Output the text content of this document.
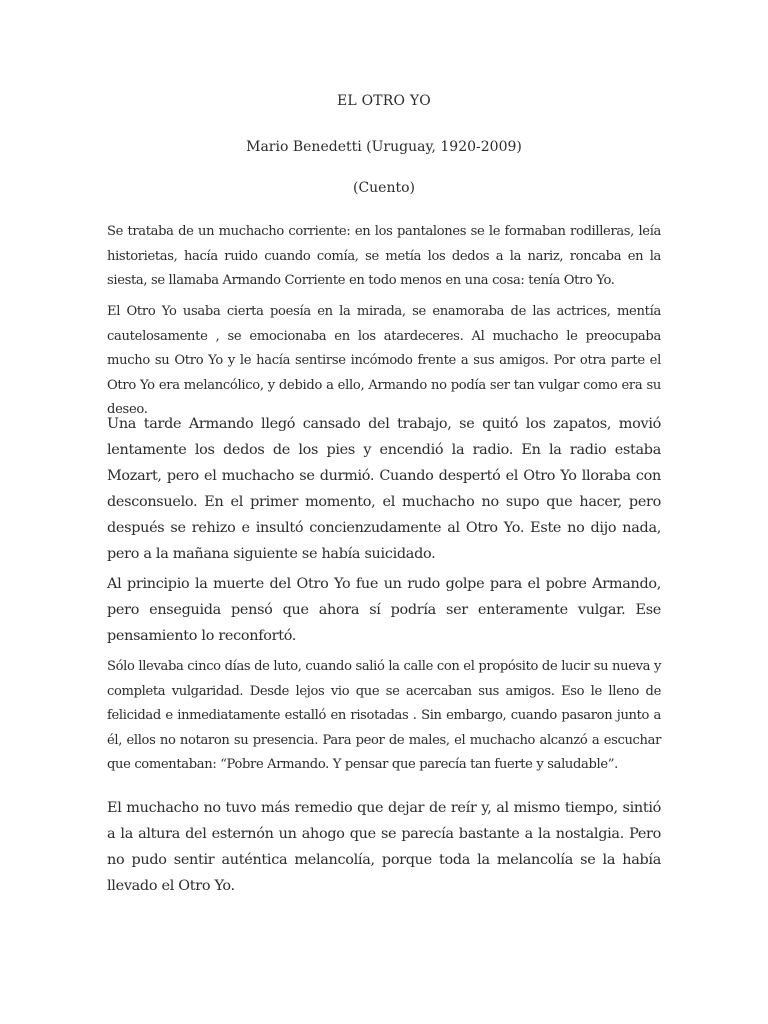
EL OTRO YO
Mario Benedetti (Uruguay, 1920-2009)
(Cuento)

Se trataba de un muchacho corriente: en los pantalones se le formaban rodilleras, leía historietas, hacía ruido cuando comía, se metía los dedos a la nariz, roncaba en la siesta, se llamaba Armando Corriente en todo menos en una cosa: tenía Otro Yo.

El Otro Yo usaba cierta poesía en la mirada, se enamoraba de las actrices, mentía cautelosamente , se emocionaba en los atardeceres. Al muchacho le preocupaba mucho su Otro Yo y le hacía sentirse incómodo frente a sus amigos. Por otra parte el Otro Yo era melancólico, y debido a ello, Armando no podía ser tan vulgar como era su deseo.

Una tarde Armando llegó cansado del trabajo, se quitó los zapatos, movió lentamente los dedos de los pies y encendió la radio. En la radio estaba Mozart, pero el muchacho se durmió. Cuando despertó el Otro Yo lloraba con desconsuelo. En el primer momento, el muchacho no supo que hacer, pero después se rehizo e insultó concienzudamente al Otro Yo. Este no dijo nada, pero a la mañana siguiente se había suicidado.

Al principio la muerte del Otro Yo fue un rudo golpe para el pobre Armando, pero enseguida pensó que ahora sí podría ser enteramente vulgar. Ese pensamiento lo reconfortó.

Sólo llevaba cinco días de luto, cuando salió la calle con el propósito de lucir su nueva y completa vulgaridad. Desde lejos vio que se acercaban sus amigos. Eso le lleno de felicidad e inmediatamente estalló en risotadas . Sin embargo, cuando pasaron junto a él, ellos no notaron su presencia. Para peor de males, el muchacho alcanzó a escuchar que comentaban: “Pobre Armando. Y pensar que parecía tan fuerte y saludable”.

El muchacho no tuvo más remedio que dejar de reír y, al mismo tiempo, sintió a la altura del esternón un ahogo que se parecía bastante a la nostalgia. Pero no pudo sentir auténtica melancolía, porque toda la melancolía se la había llevado el Otro Yo.
